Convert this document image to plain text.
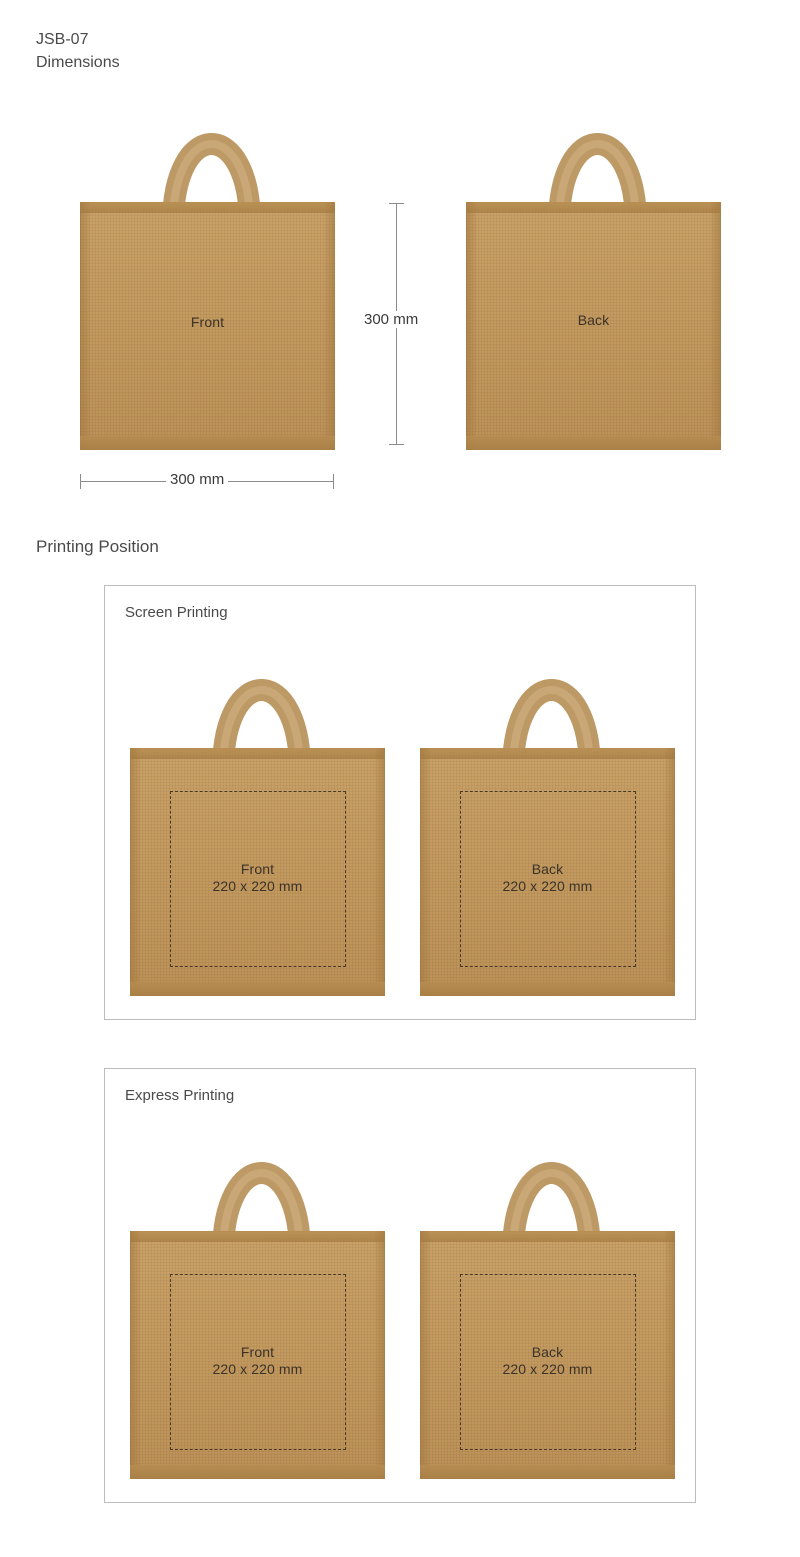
JSB-07
Dimensions
Front	Back
300 mm
300 mm
Printing Position
Screen Printing
Front
220 x 220 mm
Back
220 x 220 mm
Express Printing
Front
220 x 220 mm
Back
220 x 220 mm
